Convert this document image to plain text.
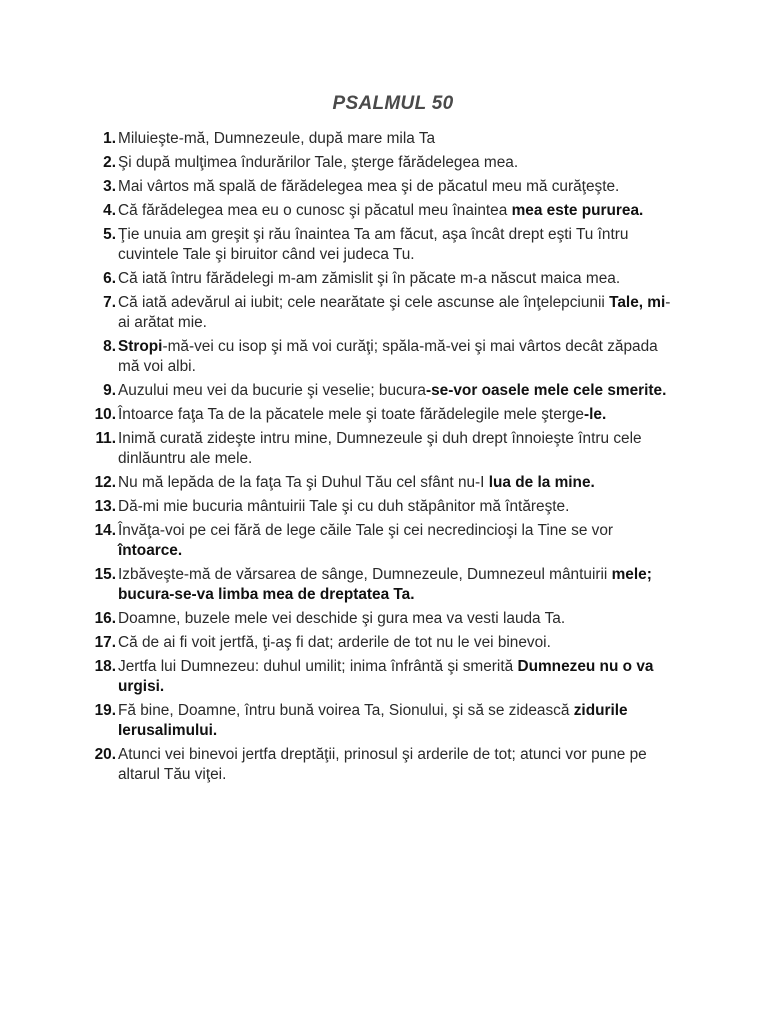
PSALMUL 50
1. Miluieşte-mă, Dumnezeule, după mare mila Ta
2. Şi după mulţimea îndurărilor Tale, şterge fărădelegea mea.
3. Mai vârtos mă spală de fărădelegea mea şi de păcatul meu mă curăţeşte.
4. Că fărădelegea mea eu o cunosc şi păcatul meu înaintea mea este pururea.
5. Ţie unuia am greşit şi rău înaintea Ta am făcut, aşa încât drept eşti Tu întru cuvintele Tale şi biruitor când vei judeca Tu.
6. Că iată întru fărădelegi m-am zămislit şi în păcate m-a născut maica mea.
7. Că iată adevărul ai iubit; cele nearătate şi cele ascunse ale înţelepciunii Tale, mi-ai arătat mie.
8. Stropi-mă-vei cu isop şi mă voi curăţi; spăla-mă-vei şi mai vârtos decât zăpada mă voi albi.
9. Auzului meu vei da bucurie şi veselie; bucura-se-vor oasele mele cele smerite.
10. Întoarce faţa Ta de la păcatele mele şi toate fărădelegile mele şterge-le.
11. Inimă curată zideşte intru mine, Dumnezeule şi duh drept înnoieşte întru cele dinlăuntru ale mele.
12. Nu mă lepăda de la faţa Ta şi Duhul Tău cel sfânt nu-I lua de la mine.
13. Dă-mi mie bucuria mântuirii Tale şi cu duh stăpânitor mă întăreşte.
14. Învăţa-voi pe cei fără de lege căile Tale şi cei necredincioşi la Tine se vor întoarce.
15. Izbăveşte-mă de vărsarea de sânge, Dumnezeule, Dumnezeul mântuirii mele; bucura-se-va limba mea de dreptatea Ta.
16. Doamne, buzele mele vei deschide şi gura mea va vesti lauda Ta.
17. Că de ai fi voit jertfă, ţi-aş fi dat; arderile de tot nu le vei binevoi.
18. Jertfa lui Dumnezeu: duhul umilit; inima înfrântă şi smerită Dumnezeu nu o va urgisi.
19. Fă bine, Doamne, întru bună voirea Ta, Sionului, şi să se zidească zidurile Ierusalimului.
20. Atunci vei binevoi jertfa dreptăţii, prinosul şi arderile de tot; atunci vor pune pe altarul Tău viţei.
